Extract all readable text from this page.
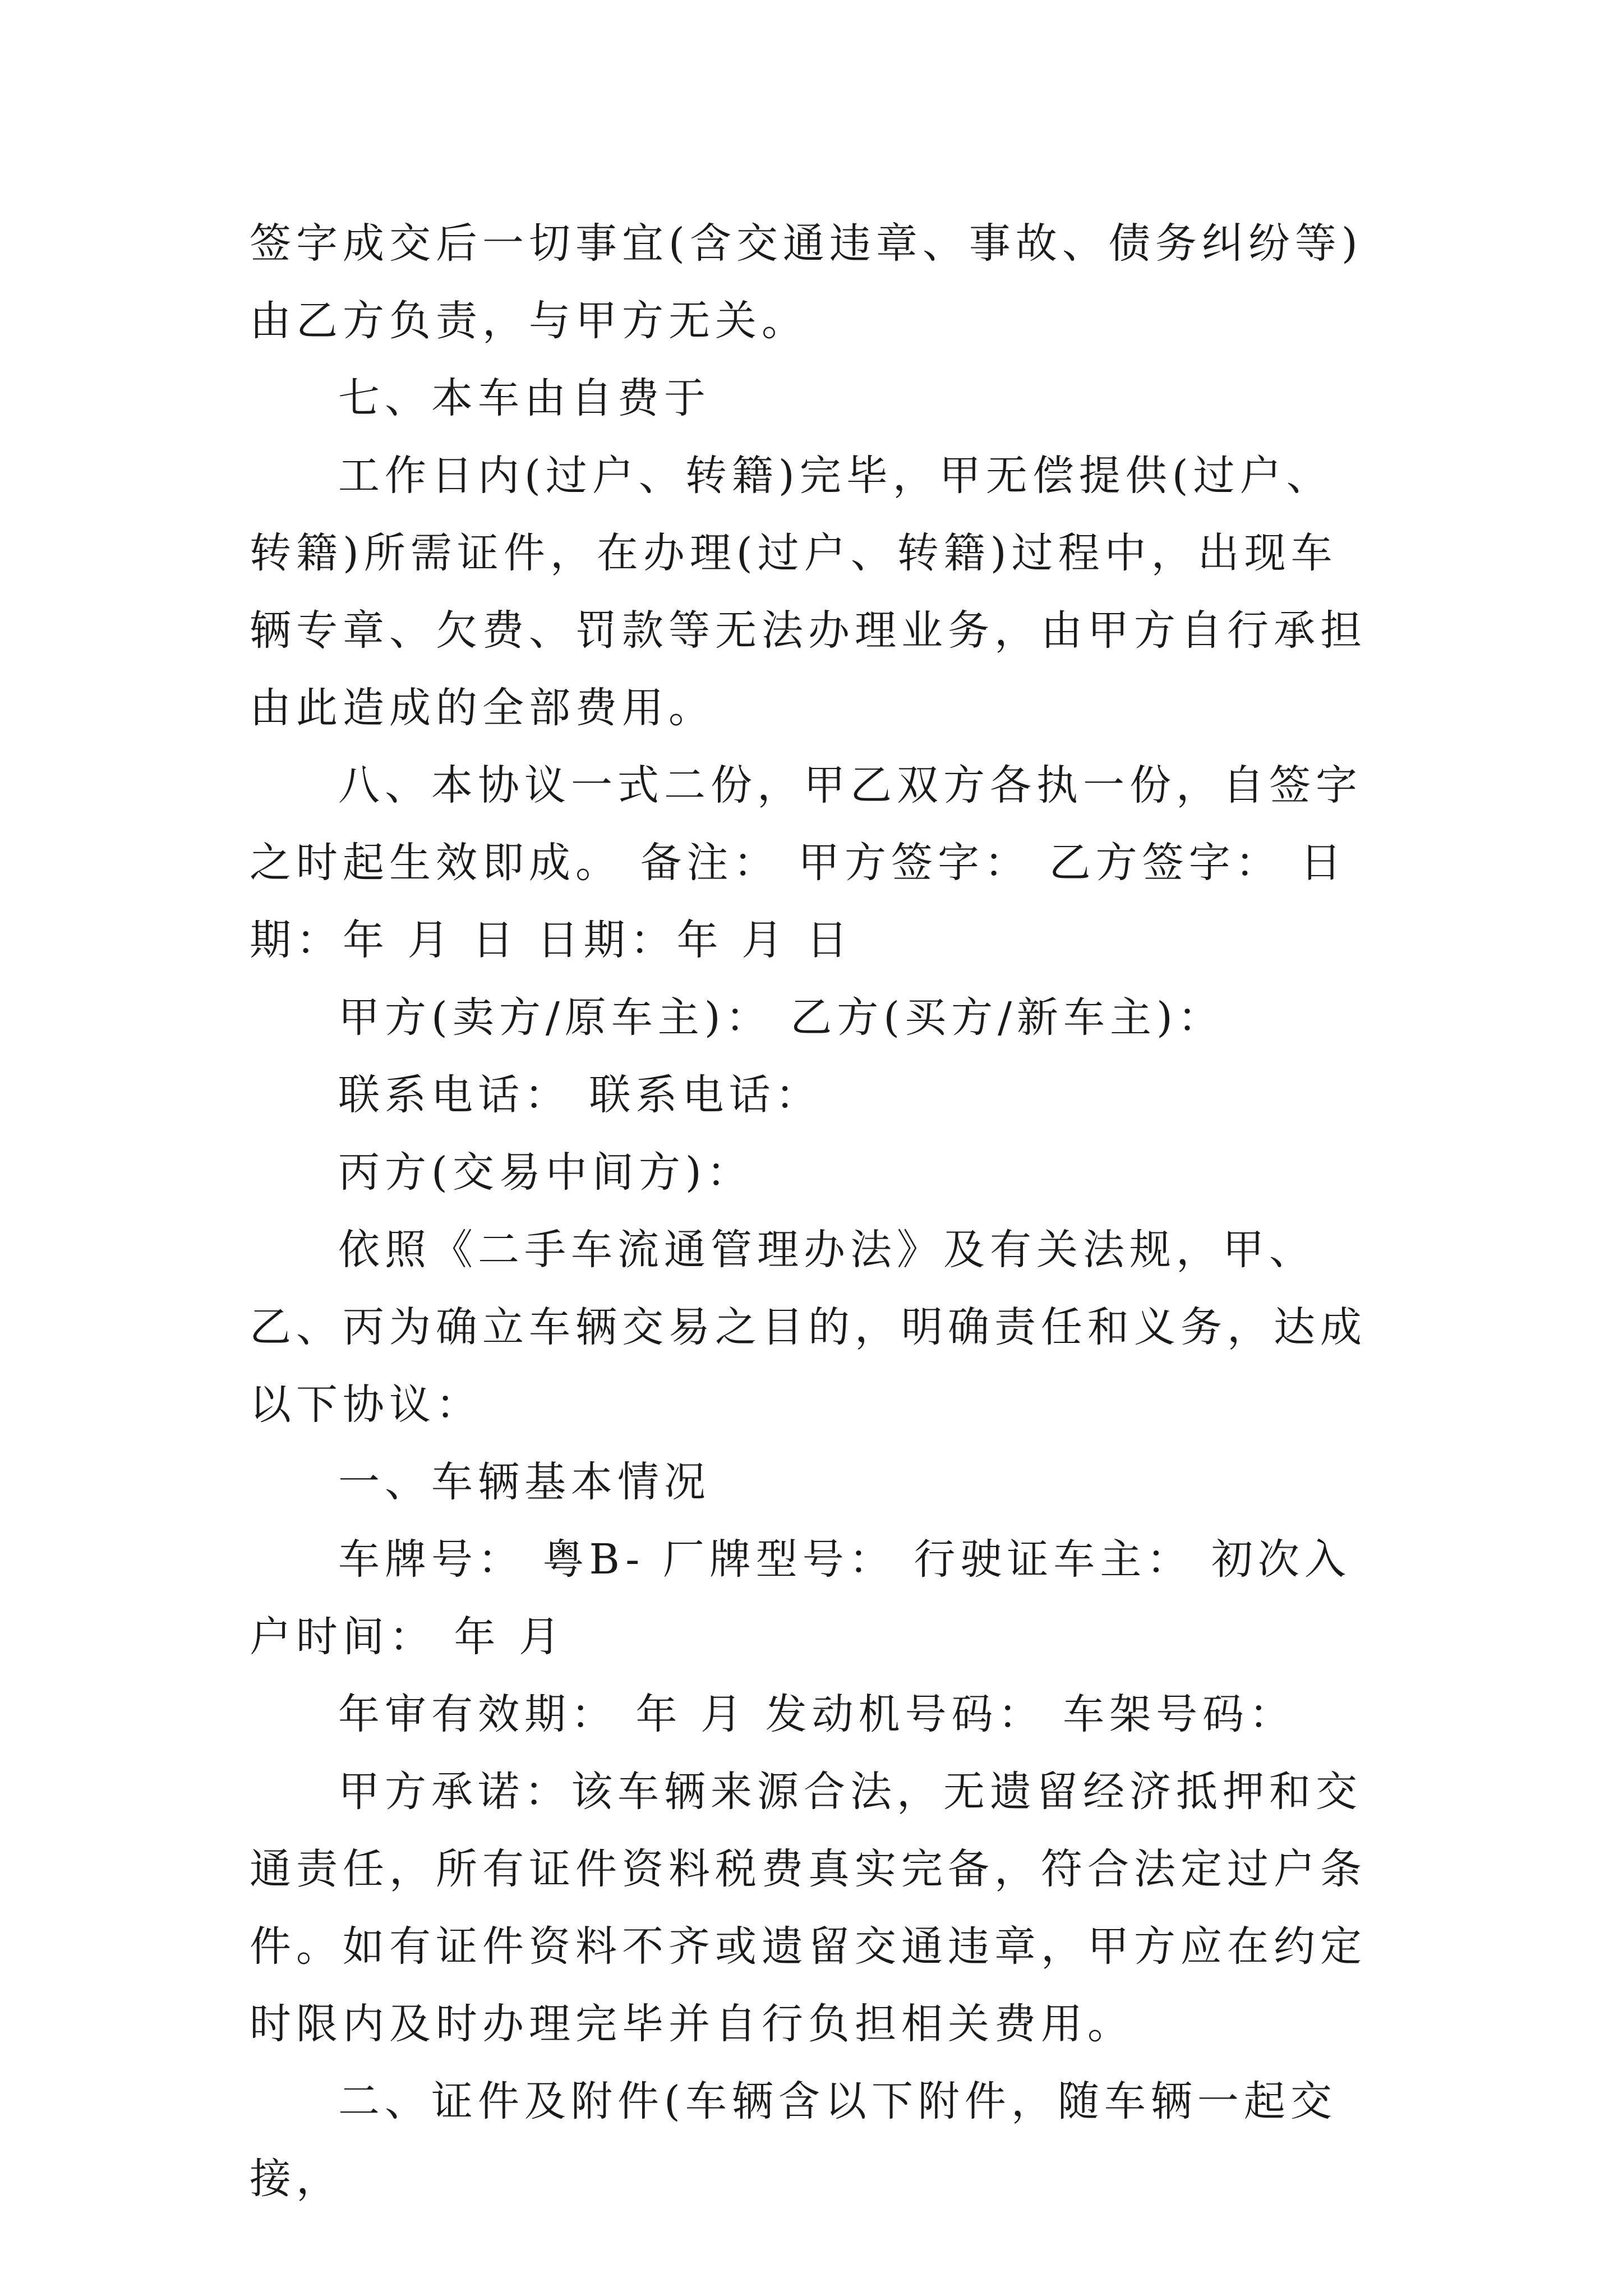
签字成交后一切事宜(含交通违章、事故、债务纠纷等)由乙方负责，与甲方无关。

七、本车由自费于

工作日内(过户、转籍)完毕，甲无偿提供(过户、转籍)所需证件，在办理(过户、转籍)过程中，出现车辆专章、欠费、罚款等无法办理业务，由甲方自行承担由此造成的全部费用。

八、本协议一式二份，甲乙双方各执一份，自签字之时起生效即成。 备注： 甲方签字： 乙方签字： 日期：年 月 日 日期：年 月 日

甲方(卖方/原车主)： 乙方(买方/新车主)：

联系电话： 联系电话：

丙方(交易中间方)：

依照《二手车流通管理办法》及有关法规，甲、乙、丙为确立车辆交易之目的，明确责任和义务，达成以下协议：

一、车辆基本情况

车牌号： 粤B- 厂牌型号： 行驶证车主： 初次入户时间： 年 月

年审有效期： 年 月 发动机号码： 车架号码：

甲方承诺：该车辆来源合法，无遗留经济抵押和交通责任，所有证件资料税费真实完备，符合法定过户条件。如有证件资料不齐或遗留交通违章，甲方应在约定时限内及时办理完毕并自行负担相关费用。

二、证件及附件(车辆含以下附件，随车辆一起交接，
